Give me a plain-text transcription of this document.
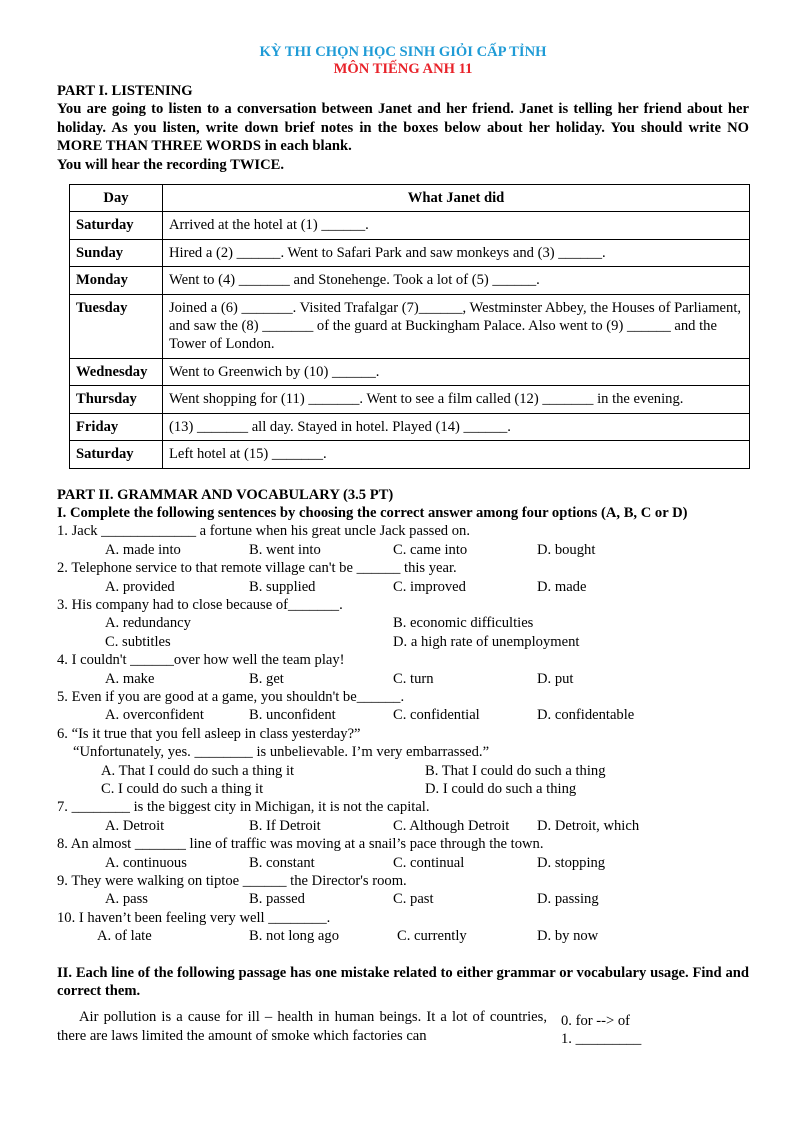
KỲ THI CHỌN HỌC SINH GIỎI CẤP TỈNH
MÔN TIẾNG ANH 11

PART I. LISTENING

You are going to listen to a conversation between Janet and her friend. Janet is telling her friend about her holiday. As you listen, write down brief notes in the boxes below about her holiday. You should write NO MORE THAN THREE WORDS in each blank.

You will hear the recording TWICE.

Day	What Janet did
Saturday	Arrived at the hotel at (1) ______.
Sunday	Hired a (2) ______. Went to Safari Park and saw monkeys and (3) ______.
Monday	Went to (4) _______ and Stonehenge. Took a lot of (5) ______.
Tuesday	Joined a (6) _______. Visited Trafalgar (7)______, Westminster Abbey, the Houses of Parliament, and saw the (8) _______ of the guard at Buckingham Palace. Also went to (9) ______ and the Tower of London.
Wednesday	Went to Greenwich by (10) ______.
Thursday	Went shopping for (11) _______. Went to see a film called (12) _______ in the evening.
Friday	(13) _______ all day. Stayed in hotel. Played (14) ______.
Saturday	Left hotel at (15) _______.

PART II. GRAMMAR AND VOCABULARY (3.5 PT)

I. Complete the following sentences by choosing the correct answer among four options (A, B, C or D)

1. Jack _____________ a fortune when his great uncle Jack passed on.

A. made into	B. went into	C. came into	D. bought

2. Telephone service to that remote village can't be ______ this year.

A. provided	B. supplied	C. improved	D. made

3. His company had to close because of_______.

A. redundancy	B. economic difficulties
C. subtitles	D. a high rate of unemployment

4. I couldn't ______over how well the team play!

A. make	B. get	C. turn	D. put

5. Even if you are good at a game, you shouldn't be______.

A. overconfident	B. unconfident	C. confidential	D. confidentable

6. “Is it true that you fell asleep in class yesterday?”

“Unfortunately, yes. ________ is unbelievable. I’m very embarrassed.”

A. That I could do such a thing it	B. That I could do such a thing
C. I could do such a thing it	D. I could do such a thing

7. ________ is the biggest city in Michigan, it is not the capital.

A. Detroit	B. If Detroit	C. Although Detroit	D. Detroit, which

8. An almost _______ line of traffic was moving at a snail’s pace through the town.

A. continuous	B. constant	C. continual	D. stopping

9. They were walking on tiptoe ______ the Director's room.

A. pass	B. passed	C. past	D. passing

10. I haven’t been feeling very well ________.

A. of late	B. not long ago	C. currently	D. by now

II. Each line of the following passage has one mistake related to either grammar or vocabulary usage. Find and correct them.

Air pollution is a cause for ill – health in human beings. It a lot of countries, there are laws limited the amount of smoke which factories can

0. for --> of
1. _________
